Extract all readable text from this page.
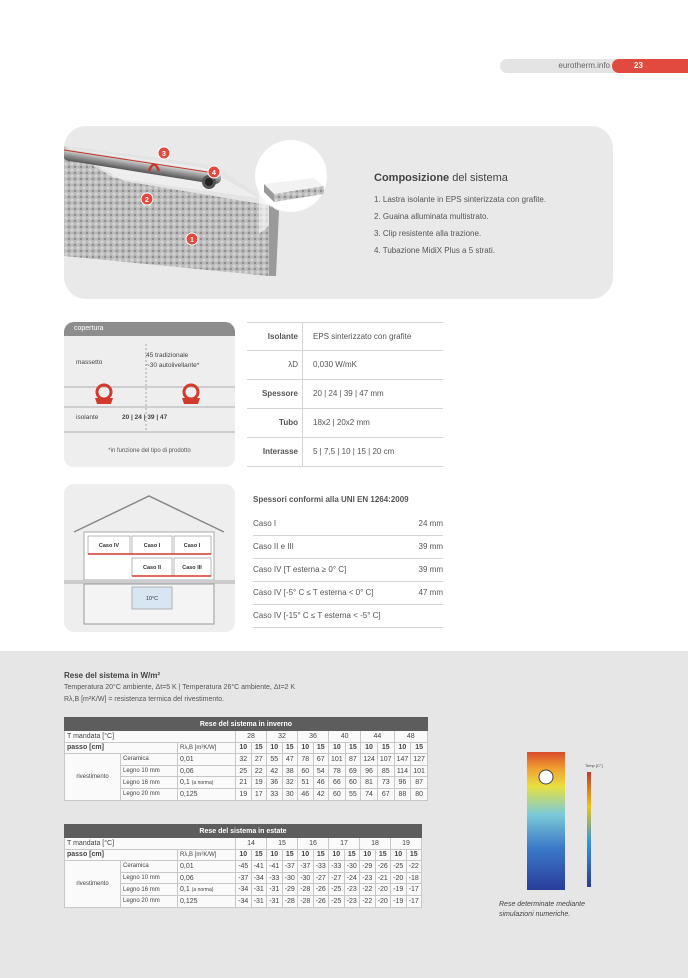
eurotherm.info	23
3
4
2
1
Composizione del sistema
1. Lastra isolante in EPS sinterizzata con grafite.
2. Guaina alluminata multistrato.
3. Clip resistente alla trazione.
4. Tubazione MidiX Plus a 5 strati.
copertura
massetto
45 tradizionale
~30 autolivellante*
isolante	20 | 24 | 39 | 47
*in funzione del tipo di prodotto
Isolante	EPS sinterizzato con grafite
λD	0,030 W/mK
Spessore	20 | 24 | 39 | 47 mm
Tubo	18x2 | 20x2 mm
Interasse	5 | 7,5 | 10 | 15 | 20 cm
Caso IV	Caso I	Caso I
Caso II	Caso III
10°C
Spessori conformi alla UNI EN 1264:2009
Caso I	24 mm
Caso II e III	39 mm
Caso IV [T esterna ≥ 0° C]	39 mm
Caso IV [-5° C ≤ T esterna < 0° C]	47 mm
Caso IV [-15° C ≤ T esterna < -5° C]
Rese del sistema in W/m²
Temperatura 20°C ambiente, Δt=5 K | Temperatura 26°C ambiente, Δt=2 K
Rλ,B [m²K/W] = resistenza termica del rivestimento.
Rese del sistema in inverno														
T mandata [°C]			28		32		36		40		44		48	
passo [cm]		Rλ,B [m²K/W]	10	15	10	15	10	15	10	15	10	15	10	15
rivestimento	Ceramica	0,01	32	27	55	47	78	67	101	87	124	107	147	127
	Legno 10 mm	0,06	25	22	42	38	60	54	78	69	96	85	114	101
	Legno 16 mm	0,1 (a norma)	21	19	36	32	51	46	66	60	81	73	96	87
	Legno 20 mm	0,125	19	17	33	30	46	42	60	55	74	67	88	80
Rese del sistema in estate														
T mandata [°C]			14		15		16		17		18		19	
passo [cm]		Rλ,B [m²K/W]	10	15	10	15	10	15	10	15	10	15	10	15
rivestimento	Ceramica	0,01	-45	-41	-41	-37	-37	-33	-33	-30	-29	-26	-25	-22
	Legno 10 mm	0,06	-37	-34	-33	-30	-30	-27	-27	-24	-23	-21	-20	-18
	Legno 16 mm	0,1 (a norma)	-34	-31	-31	-29	-28	-26	-25	-23	-22	-20	-19	-17
	Legno 20 mm	0,125	-34	-31	-31	-28	-28	-26	-25	-23	-22	-20	-19	-17
Temp [C°]
Rese determinate mediante simulazioni numeriche.
